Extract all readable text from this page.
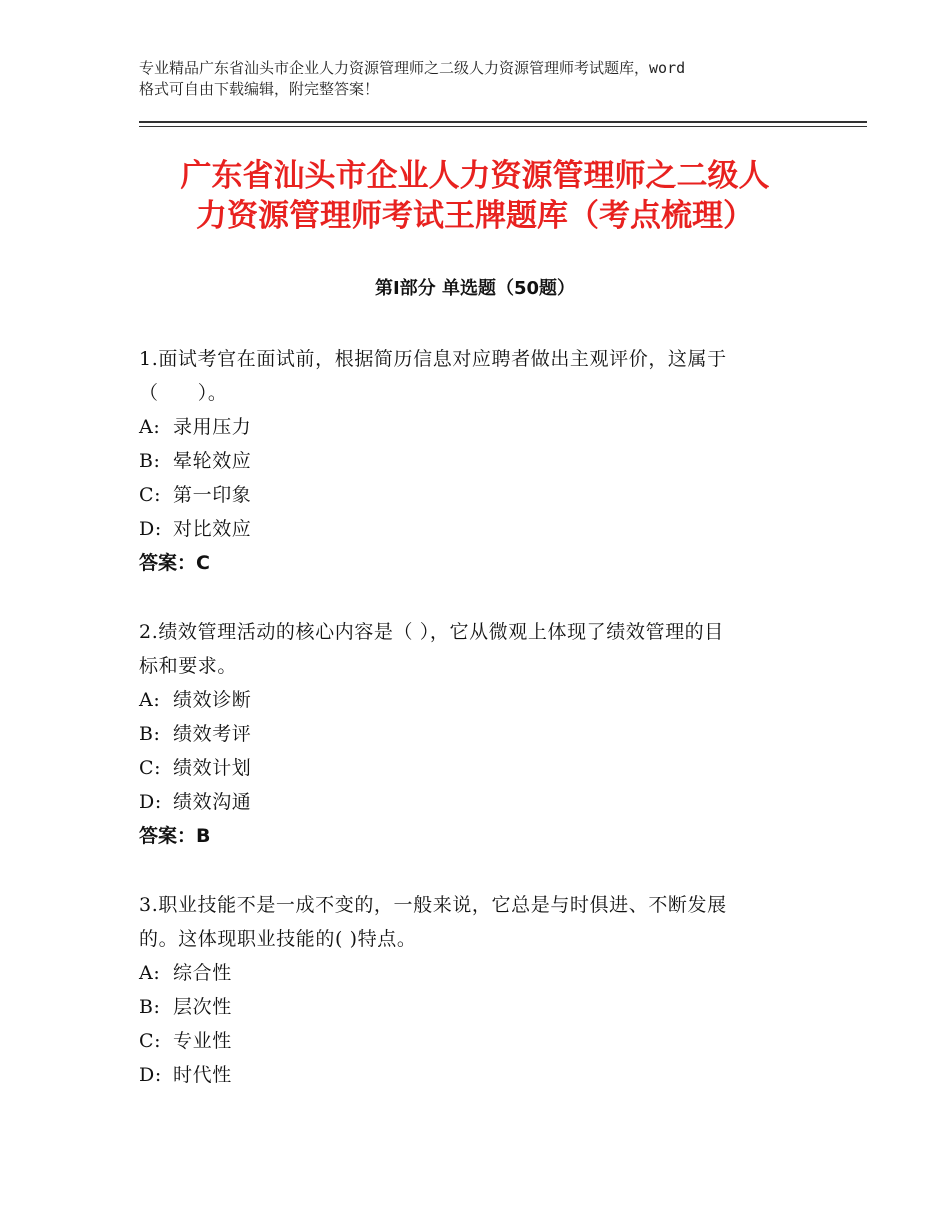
专业精品广东省汕头市企业人力资源管理师之二级人力资源管理师考试题库，word
格式可自由下载编辑，附完整答案！
广东省汕头市企业人力资源管理师之二级人
力资源管理师考试王牌题库（考点梳理）
第Ⅰ部分 单选题（50题）

1.面试考官在面试前，根据简历信息对应聘者做出主观评价，这属于

（　　）。

A: 录用压力

B: 晕轮效应

C: 第一印象

D: 对比效应

答案：C

2.绩效管理活动的核心内容是（ ），它从微观上体现了绩效管理的目

标和要求。

A: 绩效诊断

B: 绩效考评

C: 绩效计划

D: 绩效沟通

答案：B

3.职业技能不是一成不变的，一般来说，它总是与时俱进、不断发展

的。这体现职业技能的( )特点。

A: 综合性

B: 层次性

C: 专业性

D: 时代性
